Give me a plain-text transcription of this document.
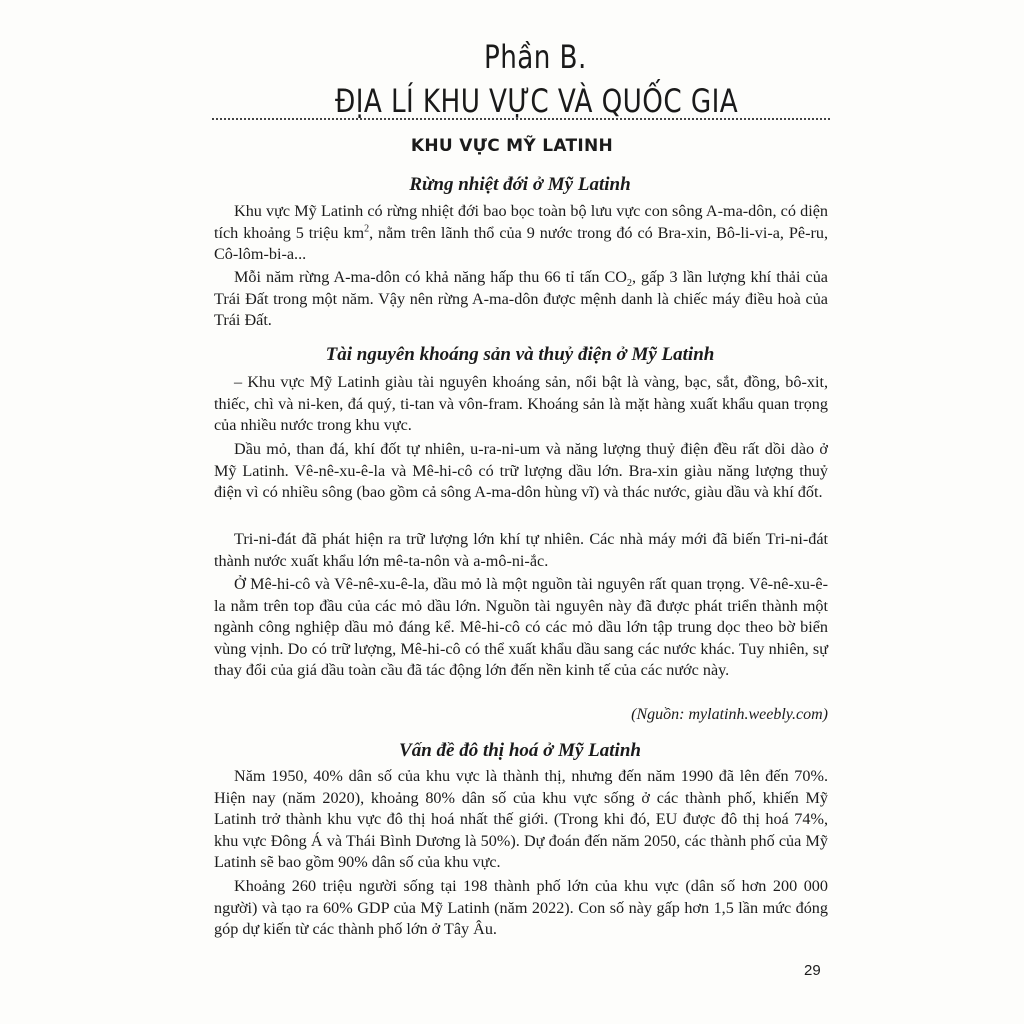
Phần B.
ĐỊA LÍ KHU VỰC VÀ QUỐC GIA
KHU VỰC MỸ LATINH
Rừng nhiệt đới ở Mỹ Latinh

Khu vực Mỹ Latinh có rừng nhiệt đới bao bọc toàn bộ lưu vực con sông A-ma-dôn, có diện tích khoảng 5 triệu $km^2$, nằm trên lãnh thổ của 9 nước trong đó có Bra-xin, Bô-li-vi-a, Pê-ru, Cô-lôm-bi-a...

Mỗi năm rừng A-ma-dôn có khả năng hấp thu 66 tỉ tấn $CO_2$, gấp 3 lần lượng khí thải của Trái Đất trong một năm. Vậy nên rừng A-ma-dôn được mệnh danh là chiếc máy điều hoà của Trái Đất.

Tài nguyên khoáng sản và thuỷ điện ở Mỹ Latinh

– Khu vực Mỹ Latinh giàu tài nguyên khoáng sản, nổi bật là vàng, bạc, sắt, đồng, bô-xit, thiếc, chì và ni-ken, đá quý, ti-tan và vôn-fram. Khoáng sản là mặt hàng xuất khẩu quan trọng của nhiều nước trong khu vực.

Dầu mỏ, than đá, khí đốt tự nhiên, u-ra-ni-um và năng lượng thuỷ điện đều rất dồi dào ở Mỹ Latinh. Vê-nê-xu-ê-la và Mê-hi-cô có trữ lượng dầu lớn. Bra-xin giàu năng lượng thuỷ điện vì có nhiều sông (bao gồm cả sông A-ma-dôn hùng vĩ) và thác nước, giàu dầu và khí đốt.

Tri-ni-đát đã phát hiện ra trữ lượng lớn khí tự nhiên. Các nhà máy mới đã biến Tri-ni-đát thành nước xuất khẩu lớn mê-ta-nôn và a-mô-ni-ắc.

Ở Mê-hi-cô và Vê-nê-xu-ê-la, dầu mỏ là một nguồn tài nguyên rất quan trọng. Vê-nê-xu-ê-la nằm trên top đầu của các mỏ dầu lớn. Nguồn tài nguyên này đã được phát triển thành một ngành công nghiệp dầu mỏ đáng kể. Mê-hi-cô có các mỏ dầu lớn tập trung dọc theo bờ biển vùng vịnh. Do có trữ lượng, Mê-hi-cô có thể xuất khẩu dầu sang các nước khác. Tuy nhiên, sự thay đổi của giá dầu toàn cầu đã tác động lớn đến nền kinh tế của các nước này.

(Nguồn: mylatinh.weebly.com)
Vấn đề đô thị hoá ở Mỹ Latinh

Năm 1950, 40% dân số của khu vực là thành thị, nhưng đến năm 1990 đã lên đến 70%. Hiện nay (năm 2020), khoảng 80% dân số của khu vực sống ở các thành phố, khiến Mỹ Latinh trở thành khu vực đô thị hoá nhất thế giới. (Trong khi đó, EU được đô thị hoá 74%, khu vực Đông Á và Thái Bình Dương là 50%). Dự đoán đến năm 2050, các thành phố của Mỹ Latinh sẽ bao gồm 90% dân số của khu vực.

Khoảng 260 triệu người sống tại 198 thành phố lớn của khu vực (dân số hơn 200 000 người) và tạo ra 60% GDP của Mỹ Latinh (năm 2022). Con số này gấp hơn 1,5 lần mức đóng góp dự kiến từ các thành phố lớn ở Tây Âu.

29
